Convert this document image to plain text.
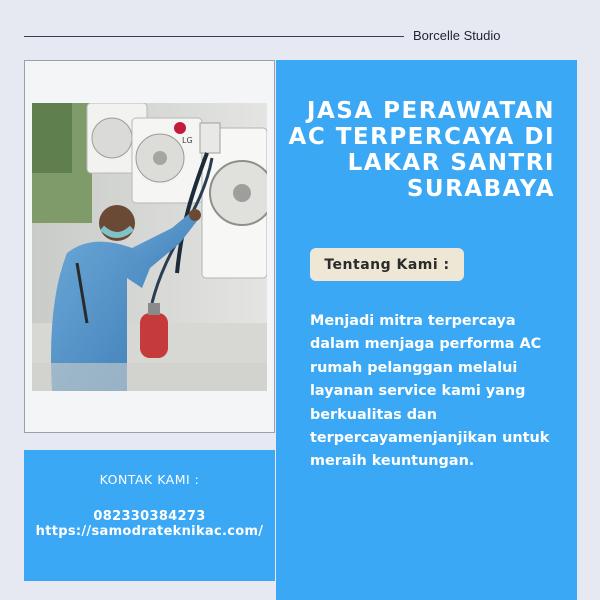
Borcelle Studio
LG
JASA PERAWATAN AC TERPERCAYA DI LAKAR SANTRI SURABAYA
Tentang Kami :
Menjadi mitra terpercaya dalam menjaga performa AC rumah pelanggan melalui layanan service kami yang berkualitas dan terpercayamenjanjikan untuk meraih keuntungan.
KONTAK KAMI :
082330384273
https://samodrateknikac.com/
